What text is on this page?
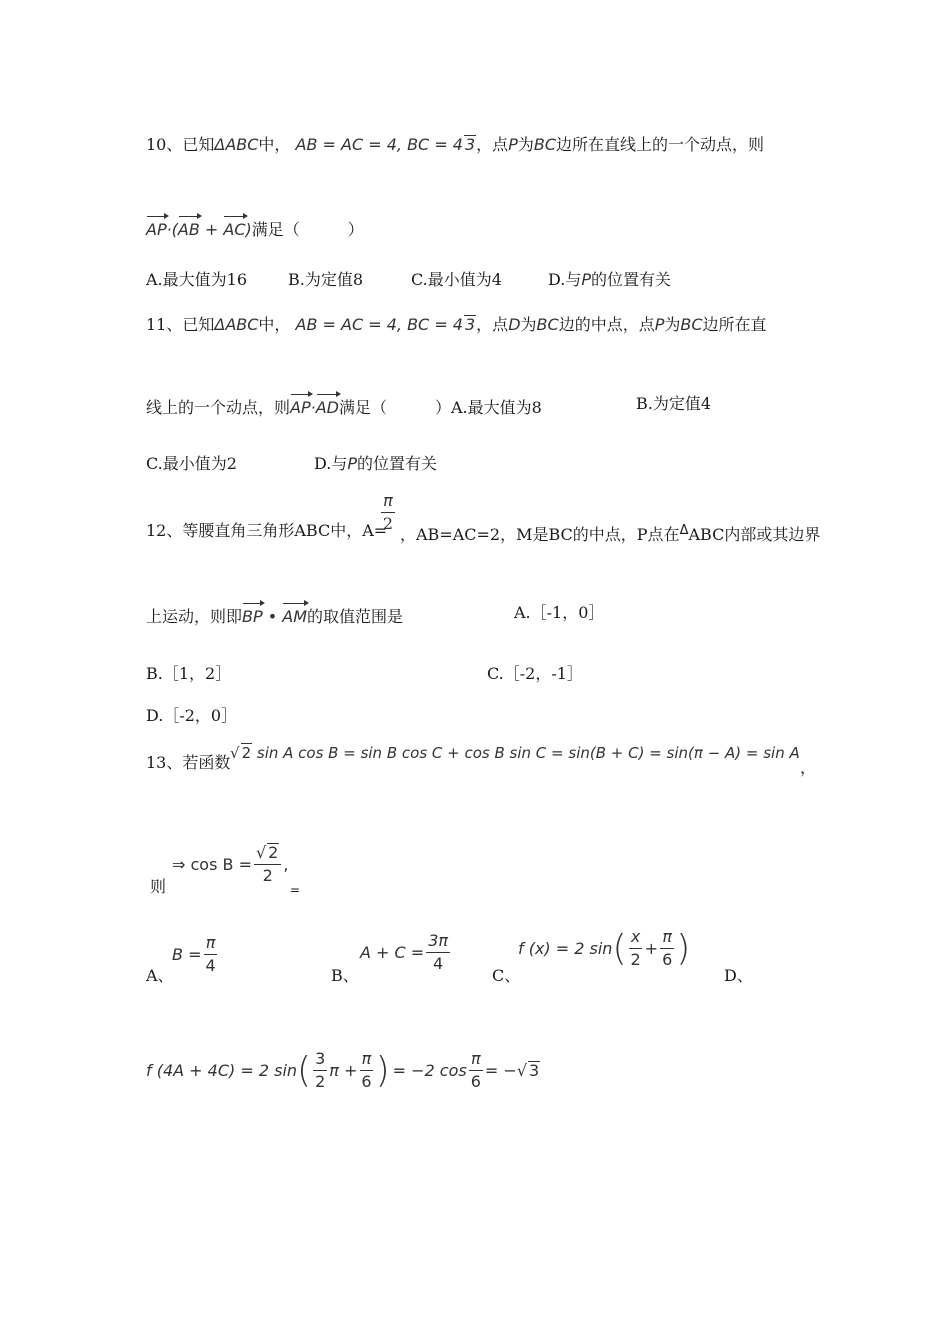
10、已知ΔABC中， AB = AC = 4, BC = 4 3，点P为BC边所在直线上的一个动点，则
AP·(AB + AC)满足（　　　）
A.最大值为16	B.为定值8	C.最小值为4	D.与P的位置有关
11、已知ΔABC中， AB = AC = 4, BC = 4 3，点D为BC边的中点，点P为BC边所在直
线上的一个动点，则AP·AD满足（　　　）A.最大值为8	B.为定值4
C.最小值为2	D.与P的位置有关
12、等腰直角三角形ABC中，A=
π
2
，AB=AC=2，M是BC的中点，P点在$^\Delta$ABC内部或其边界
上运动，则即BP • AM的取值范围是	A.［-1，0］
B.［1，2］	C.［-2，-1］
D.［-2，0］
13、若函数 √ 2 sin A cos B = sin B cos C + cos B sin C = sin(B + C) = sin(π − A) = sin A
，
则
⇒ $\cos B = \frac{√ 2}{2}$ ,
=
A、
$B = \frac{\pi}{4}$	B、
$A + C = \frac{3\pi}{4}$
C、
f (x) = 2 sin ( $\frac{x}{2} + \frac{\pi}{6}$ )
D、
f (4A + 4C) = 2 sin ( $\frac{3}{2}$ $\pi + \frac{\pi}{6}$ ) = −2 $\cos \frac{\pi}{6}$ = − √ 3
